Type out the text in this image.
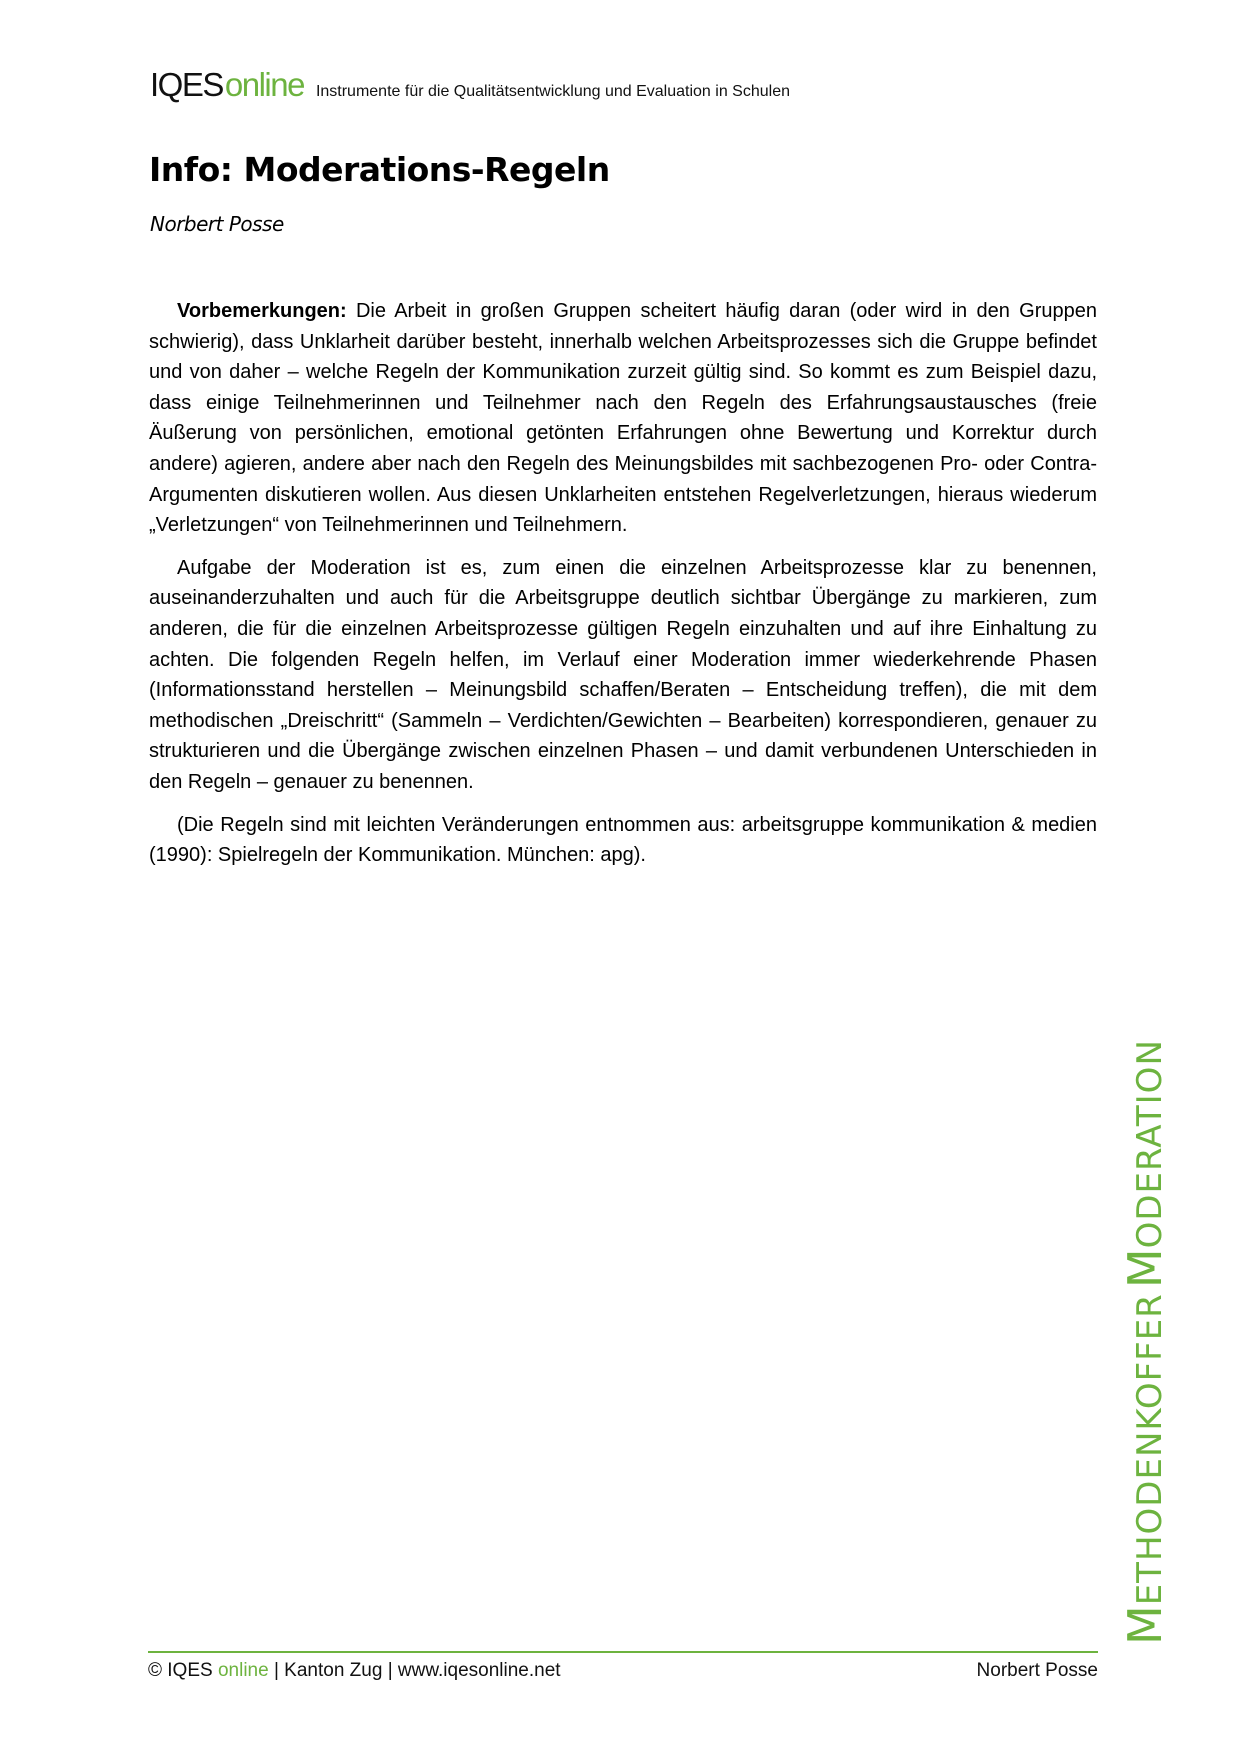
IQESonline Instrumente für die Qualitätsentwicklung und Evaluation in Schulen
Info: Moderations-Regeln
Norbert Posse

Vorbemerkungen: Die Arbeit in großen Gruppen scheitert häufig daran (oder wird in den Gruppen schwierig), dass Unklarheit darüber besteht, innerhalb welchen Arbeitsprozesses sich die Gruppe befindet und von daher – welche Regeln der Kommunikation zurzeit gültig sind. So kommt es zum Beispiel dazu, dass einige Teilnehmerinnen und Teilnehmer nach den Regeln des Erfahrungsaustausches (freie Äußerung von persönlichen, emotional getönten Erfahrungen ohne Bewertung und Korrektur durch andere) agieren, andere aber nach den Regeln des Meinungsbildes mit sachbezogenen Pro- oder Contra-Argumenten diskutieren wollen. Aus diesen Unklarheiten entstehen Regelverletzungen, hieraus wiederum „Verletzungen“ von Teilnehmerinnen und Teilnehmern.

Aufgabe der Moderation ist es, zum einen die einzelnen Arbeitsprozesse klar zu benennen, auseinanderzuhalten und auch für die Arbeitsgruppe deutlich sichtbar Übergänge zu markieren, zum anderen, die für die einzelnen Arbeitsprozesse gültigen Regeln einzuhalten und auf ihre Einhaltung zu achten. Die folgenden Regeln helfen, im Verlauf einer Moderation immer wiederkehrende Phasen (Informationsstand herstellen – Meinungsbild schaffen/Beraten – Entscheidung treffen), die mit dem methodischen „Dreischritt“ (Sammeln – Verdichten/Gewichten – Bearbeiten) korrespondieren, genauer zu strukturieren und die Übergänge zwischen einzelnen Phasen – und damit verbundenen Unterschieden in den Regeln – genauer zu benennen.

(Die Regeln sind mit leichten Veränderungen entnommen aus: arbeitsgruppe kommunikation & medien (1990): Spielregeln der Kommunikation. München: apg).

METHODENKOFFER MODERATION
© IQES online | Kanton Zug | www.iqesonline.net	Norbert Posse
